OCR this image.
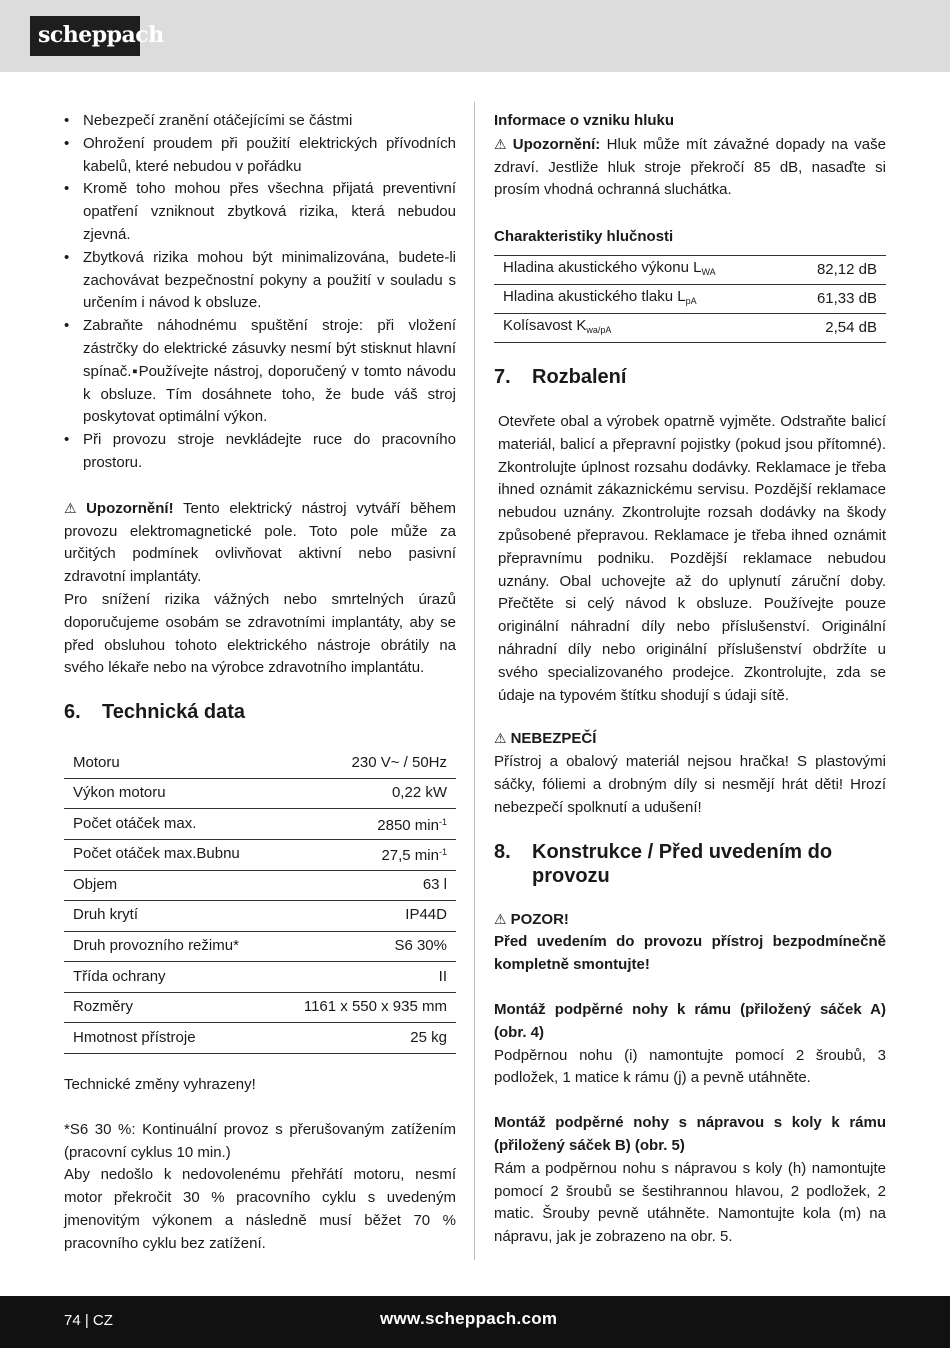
scheppach
• Nebezpečí zranění otáčejícími se částmi
• Ohrožení proudem při použití elektrických přívodních kabelů, které nebudou v pořádku
• Kromě toho mohou přes všechna přijatá preventivní opatření vzniknout zbytková rizika, která nebudou zjevná.
• Zbytková rizika mohou být minimalizována, budete-li zachovávat bezpečnostní pokyny a použití v souladu s určením i návod k obsluze.
• Zabraňte náhodnému spuštění stroje: při vložení zástrčky do elektrické zásuvky nesmí být stisknut hlavní spínač.▪Používejte nástroj, doporučený v tomto návodu k obsluze. Tím dosáhnete toho, že bude váš stroj poskytovat optimální výkon.
• Při provozu stroje nevkládejte ruce do pracovního prostoru.

⚠ Upozornění! Tento elektrický nástroj vytváří během provozu elektromagnetické pole. Toto pole může za určitých podmínek ovlivňovat aktivní nebo pasivní zdravotní implantáty.

Pro snížení rizika vážných nebo smrtelných úrazů doporučujeme osobám se zdravotními implantáty, aby se před obsluhou tohoto elektrického nástroje obrátily na svého lékaře nebo na výrobce zdravotního implantátu.

6.	Technická data
Motoru	230 V~ / 50Hz
Výkon motoru	0,22 kW
Počet otáček max.	2850 $\min^{-1}$
Počet otáček max.Bubnu	27,5 $\min^{-1}$
Objem	63 l
Druh krytí	IP44D
Druh provozního režimu*	S6 30%
Třída ochrany	II
Rozměry	1161 x 550 x 935 mm
Hmotnost přístroje	25 kg

Technické změny vyhrazeny!

*S6 30 %: Kontinuální provoz s přerušovaným zatížením (pracovní cyklus 10 min.)

Aby nedošlo k nedovolenému přehřátí motoru, nesmí motor překročit 30 % pracovního cyklu s uvedeným jmenovitým výkonem a následně musí běžet 70 % pracovního cyklu bez zatížení.

Informace o vzniku hluku

⚠ Upozornění: Hluk může mít závažné dopady na vaše zdraví. Jestliže hluk stroje překročí 85 dB, nasaďte si prosím vhodná ochranná sluchátka.

Charakteristiky hlučnosti

Hladina akustického výkonu $L_{WA}$	82,12 dB
Hladina akustického tlaku $L_{pA}$	61,33 dB
Kolísavost $K_{wa/pA}$	2,54 dB
7.	Rozbalení

Otevřete obal a výrobek opatrně vyjměte. Odstraňte balicí materiál, balicí a přepravní pojistky (pokud jsou přítomné). Zkontrolujte úplnost rozsahu dodávky. Reklamace je třeba ihned oznámit zákaznickému servisu. Pozdější reklamace nebudou uznány. Zkontrolujte rozsah dodávky na škody způsobené přepravou. Reklamace je třeba ihned oznámit přepravnímu podniku. Pozdější reklamace nebudou uznány. Obal uchovejte až do uplynutí záruční doby. Přečtěte si celý návod k obsluze. Používejte pouze originální náhradní díly nebo příslušenství. Originální náhradní díly nebo originální příslušenství obdržíte u svého specializovaného prodejce. Zkontrolujte, zda se údaje na typovém štítku shodují s údaji sítě.

⚠ NEBEZPEČÍ

Přístroj a obalový materiál nejsou hračka! S plastovými sáčky, fóliemi a drobným díly si nesmějí hrát děti! Hrozí nebezpečí spolknutí a udušení!

8.	Konstrukce / Před uvedením do provozu

⚠ POZOR!

Před uvedením do provozu přístroj bezpodmínečně kompletně smontujte!

Montáž podpěrné nohy k rámu (přiložený sáček A) (obr. 4)

Podpěrnou nohu (i) namontujte pomocí 2 šroubů, 3 podložek, 1 matice k rámu (j) a pevně utáhněte.

Montáž podpěrné nohy s nápravou s koly k rámu (přiložený sáček B) (obr. 5)

Rám a podpěrnou nohu s nápravou s koly (h) namontujte pomocí 2 šroubů se šestihrannou hlavou, 2 podložek, 2 matic. Šrouby pevně utáhněte. Namontujte kola (m) na nápravu, jak je zobrazeno na obr. 5.

74 | CZ	www.scheppach.com
